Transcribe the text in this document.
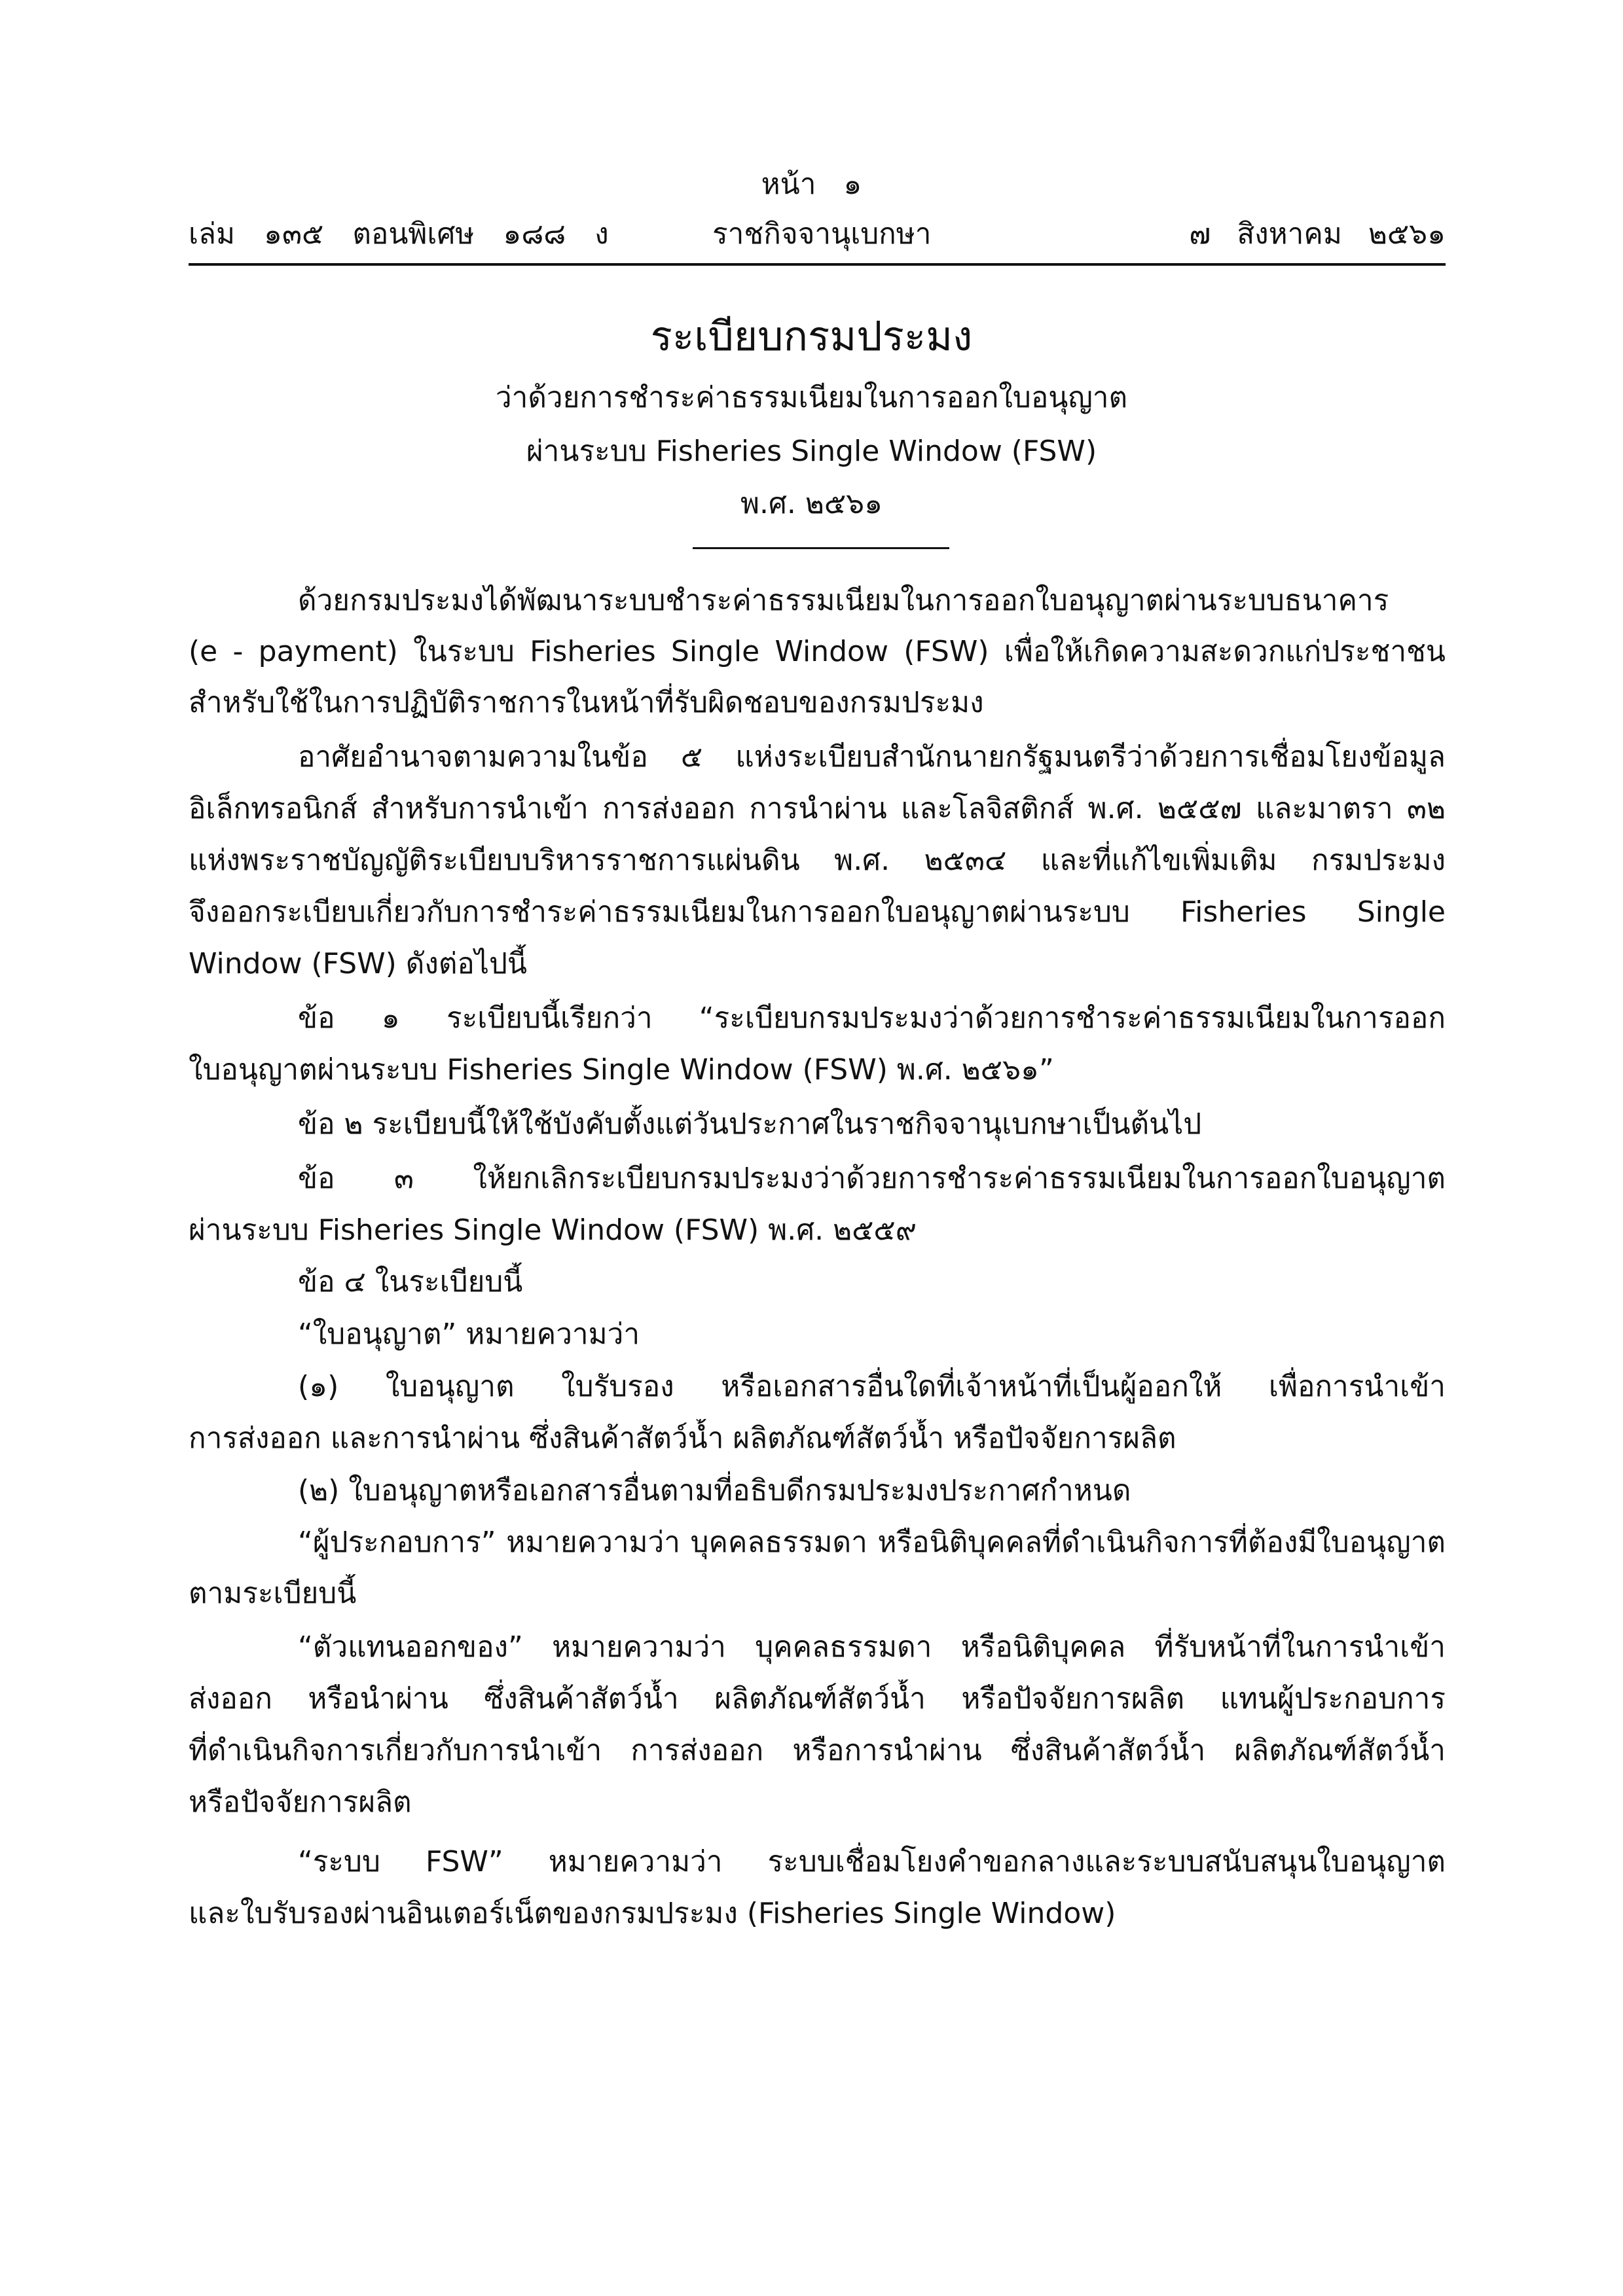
หน้า ๑
เล่ม ๑๓๕ ตอนพิเศษ ๑๘๘ ง	ราชกิจจานุเบกษา	๗ สิงหาคม ๒๕๖๑
ระเบียบกรมประมง
ว่าด้วยการชำระค่าธรรมเนียมในการออกใบอนุญาต
ผ่านระบบ Fisheries Single Window (FSW)
พ.ศ. ๒๕๖๑
ด้วยกรมประมงได้พัฒนาระบบชำระค่าธรรมเนียมในการออกใบอนุญาตผ่านระบบธนาคาร
(e - payment) ในระบบ Fisheries Single Window (FSW) เพื่อให้เกิดความสะดวกแก่ประชาชน
สำหรับใช้ในการปฏิบัติราชการในหน้าที่รับผิดชอบของกรมประมง
อาศัยอำนาจตามความในข้อ ๕ แห่งระเบียบสำนักนายกรัฐมนตรีว่าด้วยการเชื่อมโยงข้อมูล
อิเล็กทรอนิกส์ สำหรับการนำเข้า การส่งออก การนำผ่าน และโลจิสติกส์ พ.ศ. ๒๕๕๗ และมาตรา ๓๒
แห่งพระราชบัญญัติระเบียบบริหารราชการแผ่นดิน พ.ศ. ๒๕๓๔ และที่แก้ไขเพิ่มเติม กรมประมง
จึงออกระเบียบเกี่ยวกับการชำระค่าธรรมเนียมในการออกใบอนุญาตผ่านระบบ Fisheries Single
Window (FSW) ดังต่อไปนี้
ข้อ ๑ ระเบียบนี้เรียกว่า “ระเบียบกรมประมงว่าด้วยการชำระค่าธรรมเนียมในการออก
ใบอนุญาตผ่านระบบ Fisheries Single Window (FSW) พ.ศ. ๒๕๖๑”
ข้อ ๒ ระเบียบนี้ให้ใช้บังคับตั้งแต่วันประกาศในราชกิจจานุเบกษาเป็นต้นไป
ข้อ ๓ ให้ยกเลิกระเบียบกรมประมงว่าด้วยการชำระค่าธรรมเนียมในการออกใบอนุญาต
ผ่านระบบ Fisheries Single Window (FSW) พ.ศ. ๒๕๕๙
ข้อ ๔ ในระเบียบนี้
“ใบอนุญาต” หมายความว่า
(๑) ใบอนุญาต ใบรับรอง หรือเอกสารอื่นใดที่เจ้าหน้าที่เป็นผู้ออกให้ เพื่อการนำเข้า
การส่งออก และการนำผ่าน ซึ่งสินค้าสัตว์น้ำ ผลิตภัณฑ์สัตว์น้ำ หรือปัจจัยการผลิต
(๒) ใบอนุญาตหรือเอกสารอื่นตามที่อธิบดีกรมประมงประกาศกำหนด
“ผู้ประกอบการ” หมายความว่า บุคคลธรรมดา หรือนิติบุคคลที่ดำเนินกิจการที่ต้องมีใบอนุญาต
ตามระเบียบนี้
“ตัวแทนออกของ” หมายความว่า บุคคลธรรมดา หรือนิติบุคคล ที่รับหน้าที่ในการนำเข้า
ส่งออก หรือนำผ่าน ซึ่งสินค้าสัตว์น้ำ ผลิตภัณฑ์สัตว์น้ำ หรือปัจจัยการผลิต แทนผู้ประกอบการ
ที่ดำเนินกิจการเกี่ยวกับการนำเข้า การส่งออก หรือการนำผ่าน ซึ่งสินค้าสัตว์น้ำ ผลิตภัณฑ์สัตว์น้ำ
หรือปัจจัยการผลิต
“ระบบ FSW” หมายความว่า ระบบเชื่อมโยงคำขอกลางและระบบสนับสนุนใบอนุญาต
และใบรับรองผ่านอินเตอร์เน็ตของกรมประมง (Fisheries Single Window)
